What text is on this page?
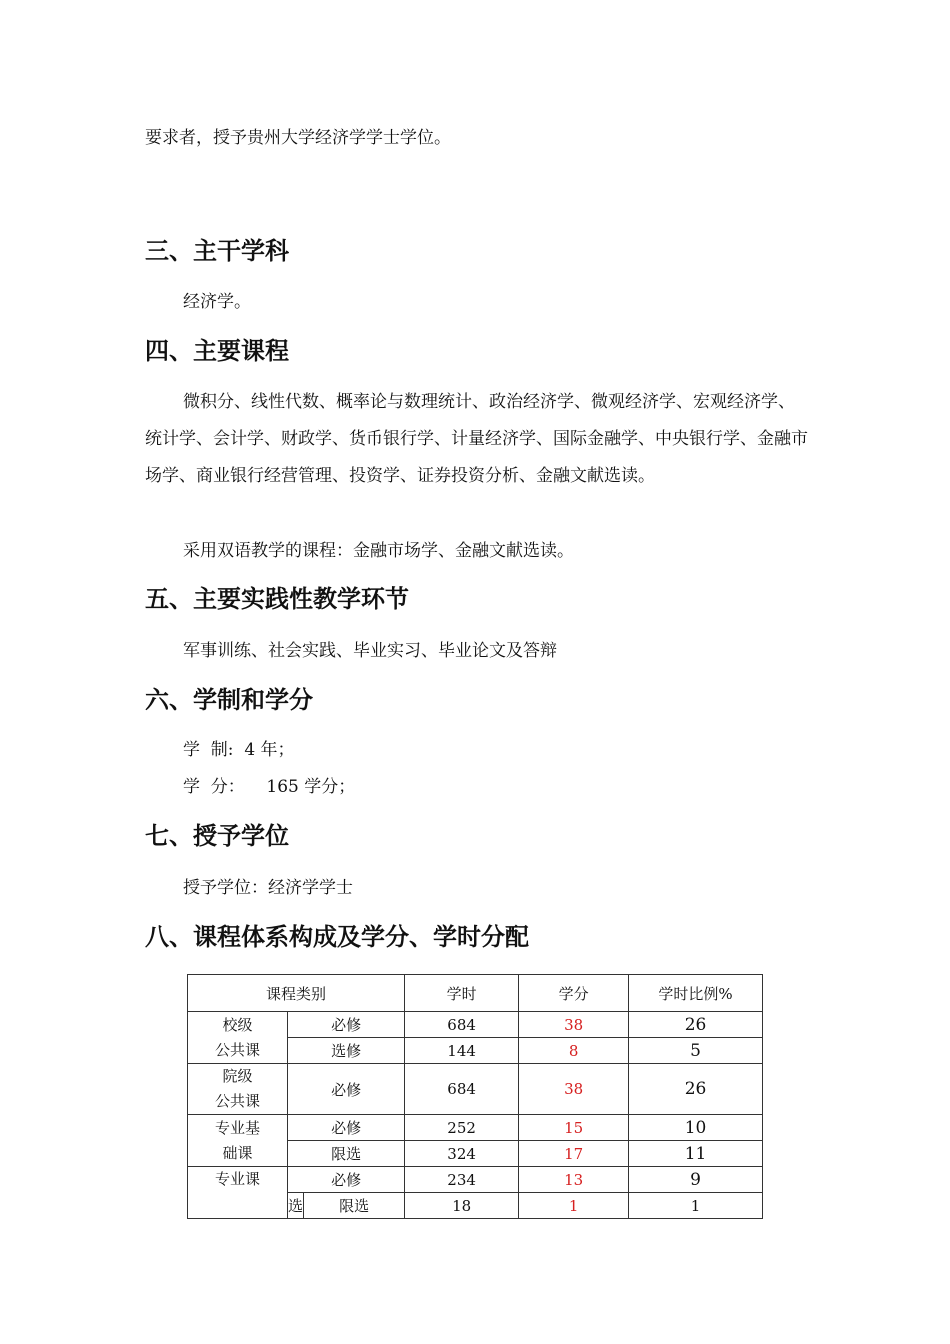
要求者，授予贵州大学经济学学士学位。

三、主干学科

经济学。

四、主要课程

微积分、线性代数、概率论与数理统计、政治经济学、微观经济学、宏观经济学、统计学、会计学、财政学、货币银行学、计量经济学、国际金融学、中央银行学、金融市场学、商业银行经营管理、投资学、证券投资分析、金融文献选读。

采用双语教学的课程：金融市场学、金融文献选读。

五、主要实践性教学环节

军事训练、社会实践、毕业实习、毕业论文及答辩

六、学制和学分

学  制:  4 年；

学  分：    165 学分；

七、授予学位

授予学位：经济学学士

八、课程体系构成及学分、学时分配
课程类别			学时	学分	学时比例%

校级
公共课	必修		684	38	26
	选修		144	8	5

院级
公共课	必修		684	38	26

专业基
础课	必修		252	15	10
	限选		324	17	11

专业课	必修		234	13	9
	选	限选	18	1	1
